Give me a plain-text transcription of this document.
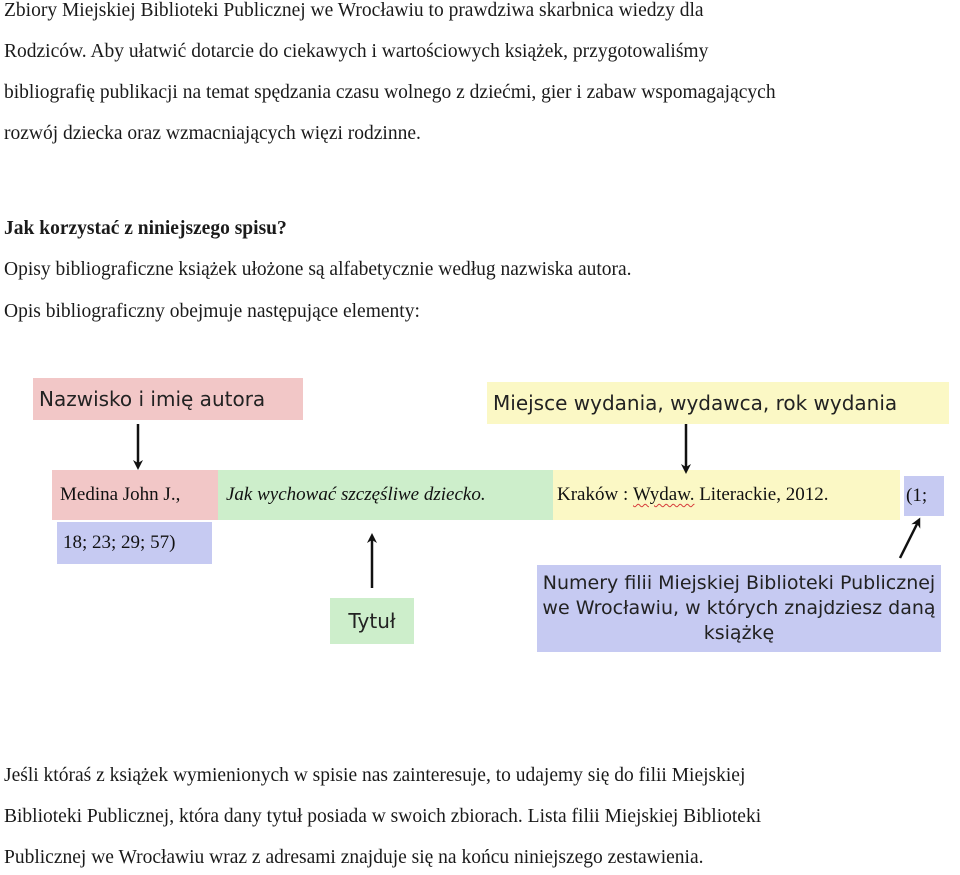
Zbiory Miejskiej Biblioteki Publicznej we Wrocławiu to prawdziwa skarbnica wiedzy dla

Rodziców. Aby ułatwić dotarcie do ciekawych i wartościowych książek, przygotowaliśmy

bibliografię publikacji na temat spędzania czasu wolnego z dziećmi, gier i zabaw wspomagających

rozwój dziecka oraz wzmacniających więzi rodzinne.

Jak korzystać z niniejszego spisu?

Opisy bibliograficzne książek ułożone są alfabetycznie według nazwiska autora.

Opis bibliograficzny obejmuje następujące elementy:

Nazwisko i imię autora	Miejsce wydania, wydawca, rok wydania
Medina John J.,	Jak wychować szczęśliwe dziecko.	Kraków : Wydaw. Literackie, 2012.	(1;
18; 23; 29; 57)
Tytuł
Numery filii Miejskiej Biblioteki Publicznej we Wrocławiu, w których znajdziesz daną książkę

Jeśli któraś z książek wymienionych w spisie nas zainteresuje, to udajemy się do filii Miejskiej

Biblioteki Publicznej, która dany tytuł posiada w swoich zbiorach. Lista filii Miejskiej Biblioteki

Publicznej we Wrocławiu wraz z adresami znajduje się na końcu niniejszego zestawienia.
